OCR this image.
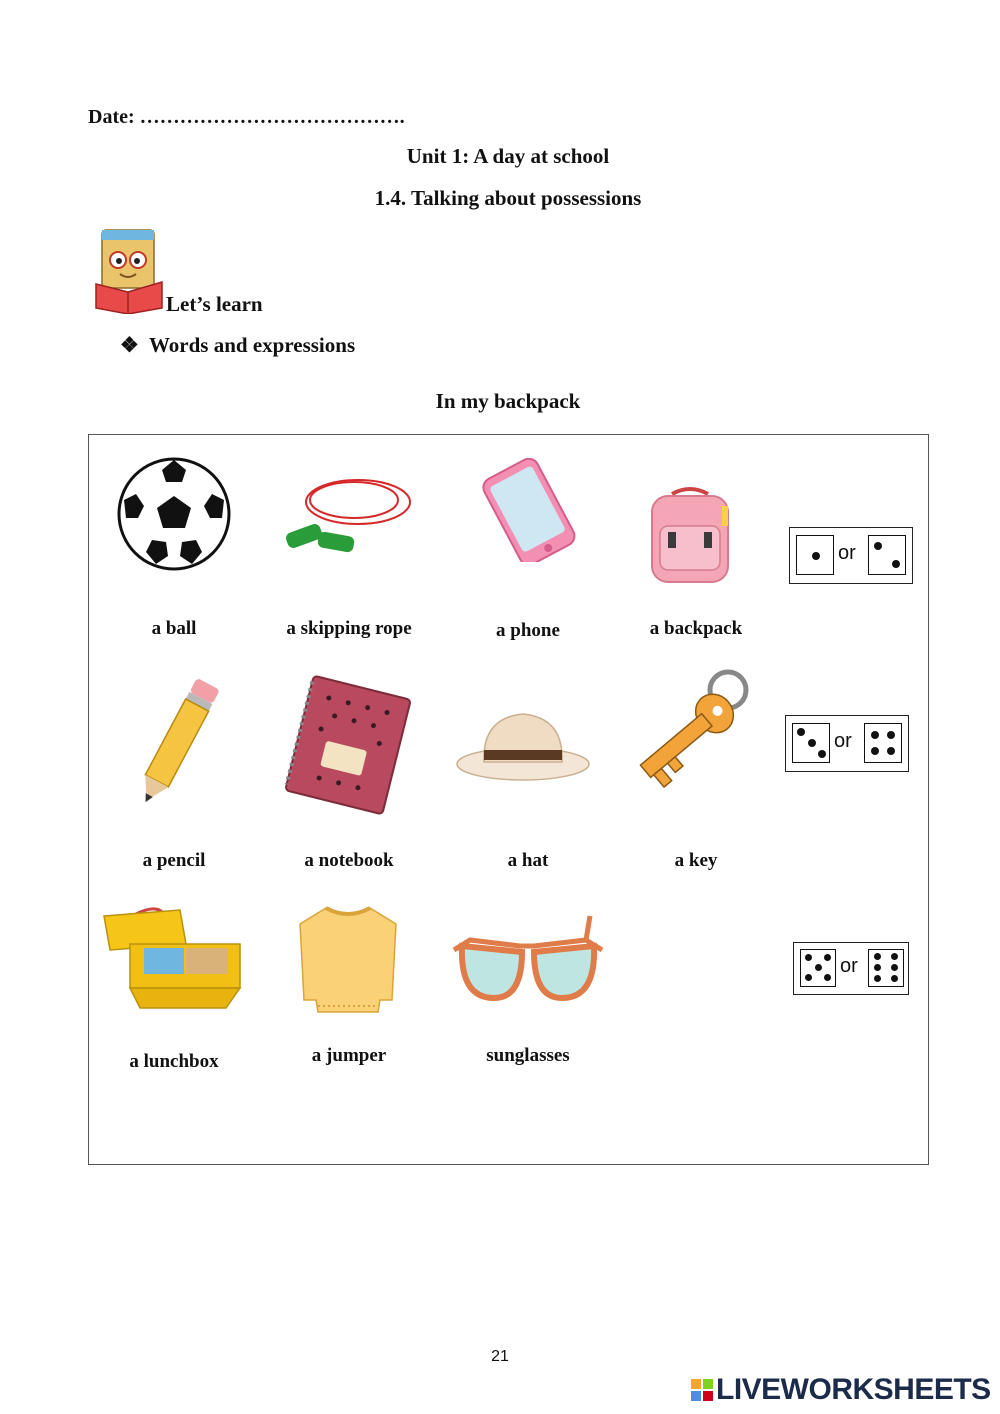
Date: ………………………………….
Unit 1: A day at school
1.4. Talking about possessions
Let’s learn
❖ Words and expressions
In my backpack
or
a ball	a skipping rope	a phone	a backpack
or
a pencil	a notebook	a hat	a key
or
a lunchbox	a jumper	sunglasses
21
LIVEWORKSHEETS
